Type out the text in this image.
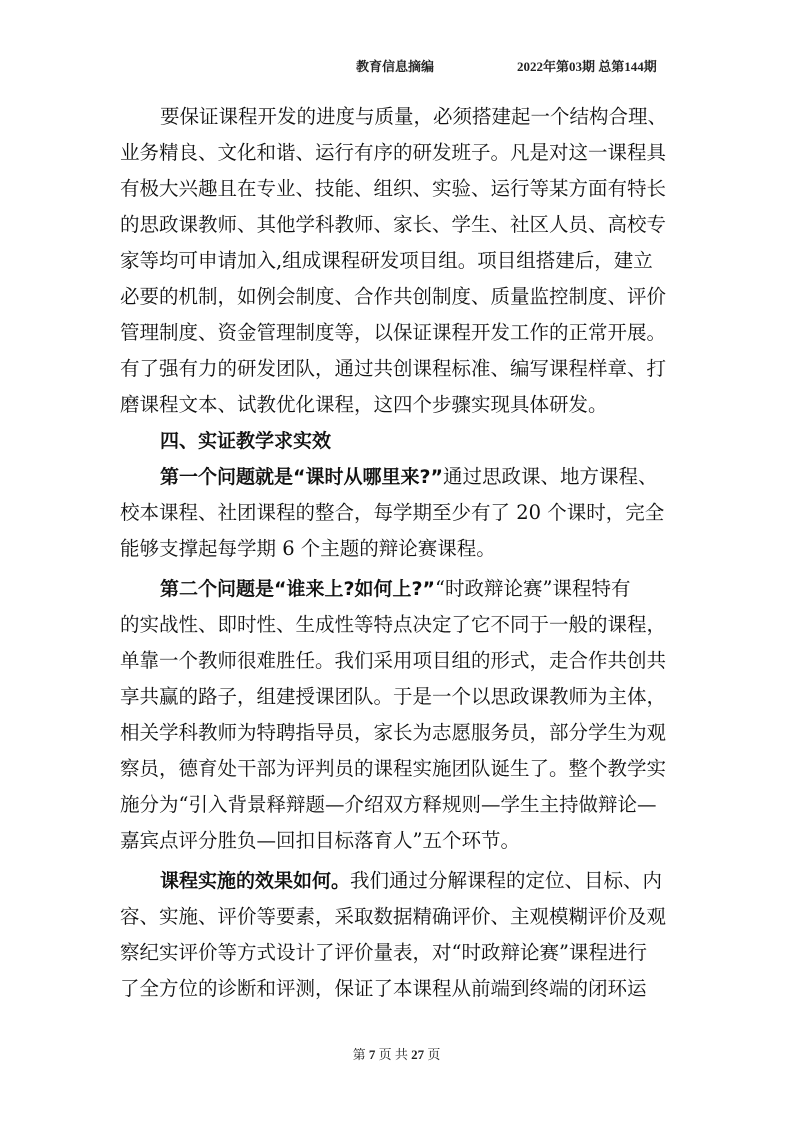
教育信息摘编	2022年第03期 总第144期
要保证课程开发的进度与质量，必须搭建起一个结构合理、
业务精良、文化和谐、运行有序的研发班子。凡是对这一课程具
有极大兴趣且在专业、技能、组织、实验、运行等某方面有特长
的思政课教师、其他学科教师、家长、学生、社区人员、高校专
家等均可申请加入,组成课程研发项目组。项目组搭建后，建立
必要的机制，如例会制度、合作共创制度、质量监控制度、评价
管理制度、资金管理制度等，以保证课程开发工作的正常开展。
有了强有力的研发团队，通过共创课程标准、编写课程样章、打
磨课程文本、试教优化课程，这四个步骤实现具体研发。
四、实证教学求实效
第一个问题就是“课时从哪里来?”通过思政课、地方课程、
校本课程、社团课程的整合，每学期至少有了 20 个课时，完全
能够支撑起每学期 6 个主题的辩论赛课程。
第二个问题是“谁来上?如何上?”“时政辩论赛”课程特有
的实战性、即时性、生成性等特点决定了它不同于一般的课程，
单靠一个教师很难胜任。我们采用项目组的形式，走合作共创共
享共赢的路子，组建授课团队。于是一个以思政课教师为主体，
相关学科教师为特聘指导员，家长为志愿服务员，部分学生为观
察员，德育处干部为评判员的课程实施团队诞生了。整个教学实
施分为“引入背景释辩题—介绍双方释规则—学生主持做辩论—
嘉宾点评分胜负—回扣目标落育人”五个环节。
课程实施的效果如何。我们通过分解课程的定位、目标、内
容、实施、评价等要素，采取数据精确评价、主观模糊评价及观
察纪实评价等方式设计了评价量表，对“时政辩论赛”课程进行
了全方位的诊断和评测，保证了本课程从前端到终端的闭环运
第 7 页 共 27 页
